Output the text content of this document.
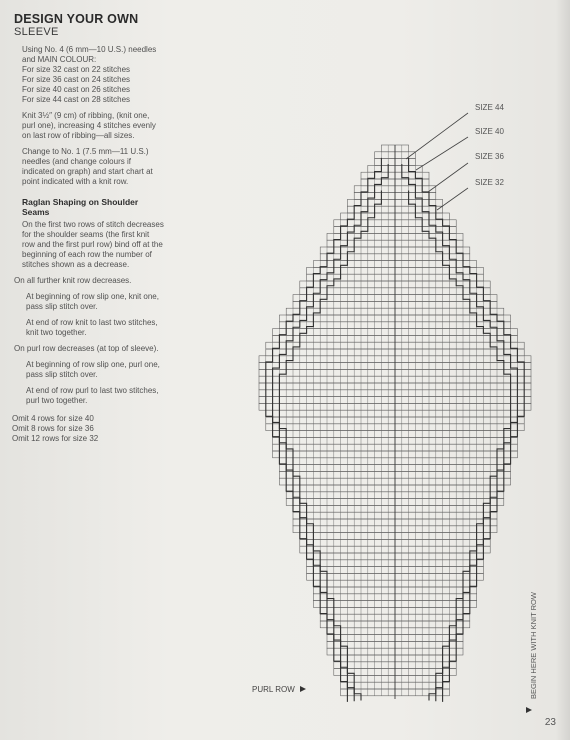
DESIGN YOUR OWN
SLEEVE
Using No. 4 (6 mm—10 U.S.) needles and MAIN COLOUR:
For size 32 cast on 22 stitches
For size 36 cast on 24 stitches
For size 40 cast on 26 stitches
For size 44 cast on 28 stitches
Knit 3½″ (9 cm) of ribbing, (knit one, purl one), increasing 4 stitches evenly on last row of ribbing—all sizes.
Change to No. 1 (7.5 mm—11 U.S.) needles (and change colours if indicated on graph) and start chart at point indicated with a knit row.
Raglan Shaping on Shoulder Seams
On the first two rows of stitch decreases for the shoulder seams (the first knit row and the first purl row) bind off at the beginning of each row the number of stitches shown as a decrease.
On all further knit row decreases.
At beginning of row slip one, knit one, pass slip stitch over.
At end of row knit to last two stitches, knit two together.
On purl row decreases (at top of sleeve).
At beginning of row slip one, purl one, pass slip stitch over.
At end of row purl to last two stitches, purl two together.
Omit 4 rows for size 40
Omit 8 rows for size 36
Omit 12 rows for size 32
SIZE 44
SIZE 40
SIZE 36
SIZE 32
PURL ROW	BEGIN HERE WITH KNIT ROW
23
